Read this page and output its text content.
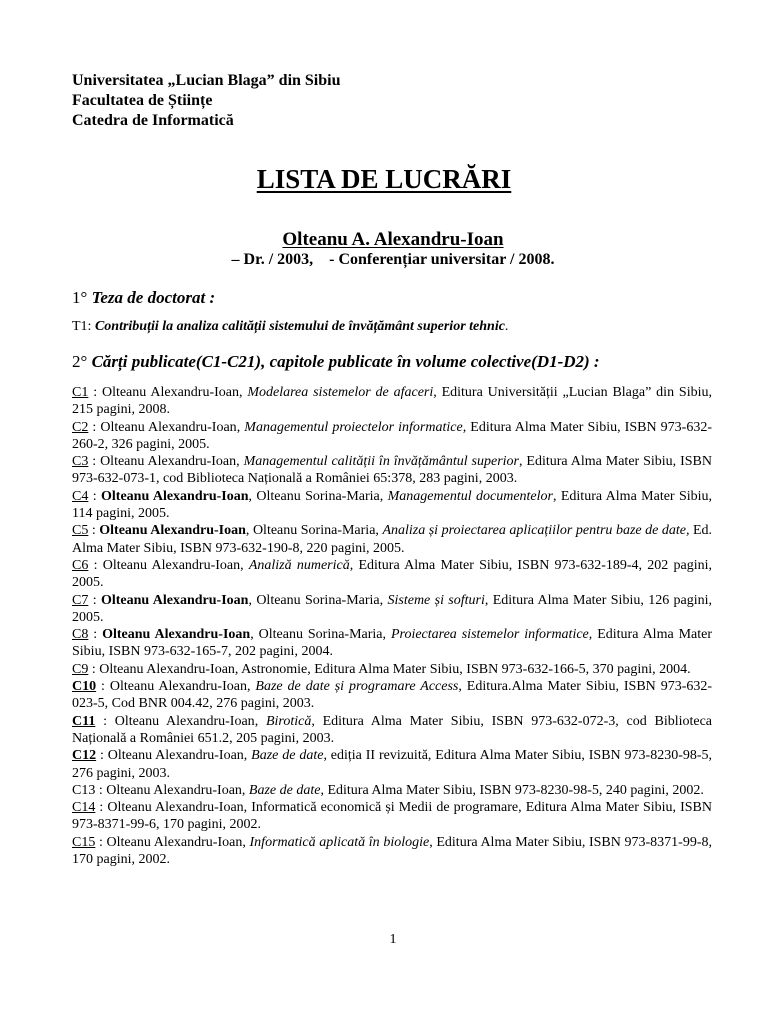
Universitatea „Lucian Blaga” din Sibiu
Facultatea de Științe
Catedra de Informatică
LISTA DE LUCRĂRI
Olteanu A. Alexandru-Ioan
– Dr. / 2003,    - Conferențiar universitar / 2008.
1° Teza de doctorat :
T1: Contribuții la analiza calității sistemului de învățământ superior tehnic.
2° Cărți publicate(C1-C21), capitole publicate în volume colective(D1-D2) :

C1 : Olteanu Alexandru-Ioan, Modelarea sistemelor de afaceri, Editura Universității „Lucian Blaga” din Sibiu, 215 pagini, 2008.

C2 : Olteanu Alexandru-Ioan, Managementul proiectelor informatice, Editura Alma Mater Sibiu, ISBN 973-632-260-2, 326 pagini, 2005.

C3 : Olteanu Alexandru-Ioan, Managementul calității în învățământul superior, Editura Alma Mater Sibiu, ISBN 973-632-073-1, cod Biblioteca Națională a României 65:378, 283 pagini, 2003.

C4 : Olteanu Alexandru-Ioan, Olteanu Sorina-Maria, Managementul documentelor, Editura Alma Mater Sibiu, 114 pagini, 2005.

C5 : Olteanu Alexandru-Ioan, Olteanu Sorina-Maria, Analiza și proiectarea aplicațiilor pentru baze de date, Ed. Alma Mater Sibiu, ISBN 973-632-190-8, 220 pagini, 2005.

C6 : Olteanu Alexandru-Ioan, Analiză numerică, Editura Alma Mater Sibiu, ISBN 973-632-189-4, 202 pagini, 2005.

C7 : Olteanu Alexandru-Ioan, Olteanu Sorina-Maria, Sisteme și softuri, Editura Alma Mater Sibiu, 126 pagini, 2005.

C8 : Olteanu Alexandru-Ioan, Olteanu Sorina-Maria, Proiectarea sistemelor informatice, Editura Alma Mater Sibiu, ISBN 973-632-165-7, 202 pagini, 2004.

C9 : Olteanu Alexandru-Ioan, Astronomie, Editura Alma Mater Sibiu, ISBN 973-632-166-5, 370 pagini, 2004.

C10 : Olteanu Alexandru-Ioan, Baze de date și programare Access, Editura.Alma Mater Sibiu, ISBN 973-632-023-5, Cod BNR 004.42, 276 pagini, 2003.

C11 : Olteanu Alexandru-Ioan, Birotică, Editura Alma Mater Sibiu, ISBN 973-632-072-3, cod Biblioteca Națională a României 651.2, 205 pagini, 2003.

C12 : Olteanu Alexandru-Ioan, Baze de date, ediția II revizuită, Editura Alma Mater Sibiu, ISBN 973-8230-98-5, 276 pagini, 2003.

C13 : Olteanu Alexandru-Ioan, Baze de date, Editura Alma Mater Sibiu, ISBN 973-8230-98-5, 240 pagini, 2002.

C14 : Olteanu Alexandru-Ioan, Informatică economică și Medii de programare, Editura Alma Mater Sibiu, ISBN 973-8371-99-6, 170 pagini, 2002.

C15 : Olteanu Alexandru-Ioan, Informatică aplicată în biologie, Editura Alma Mater Sibiu, ISBN 973-8371-99-8, 170 pagini, 2002.

1
